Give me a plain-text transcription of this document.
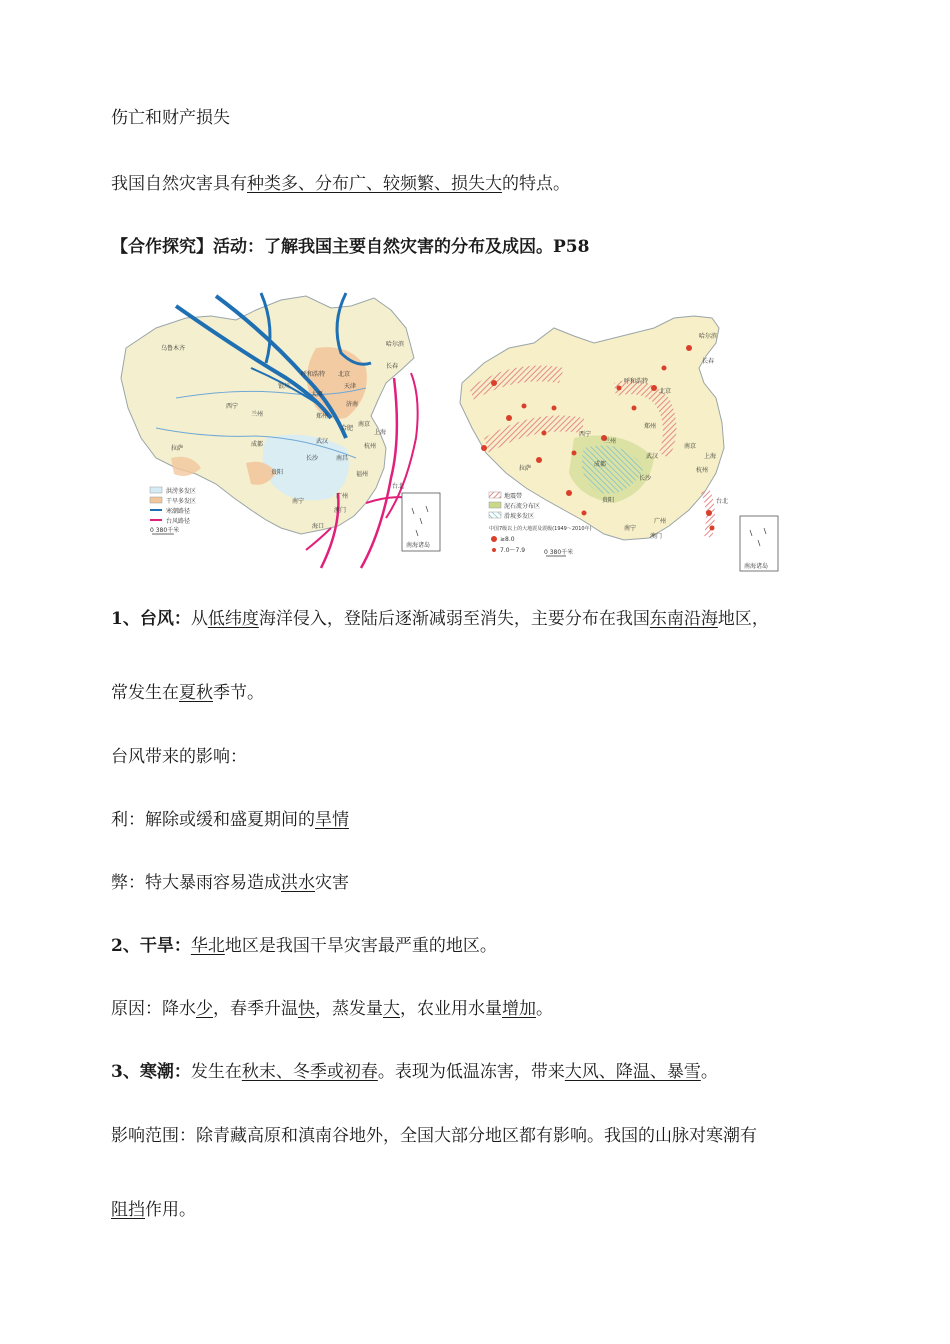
伤亡和财产损失
我国自然灾害具有种类多、分布广、较频繁、损失大的特点。
【合作探究】活动：了解我国主要自然灾害的分布及成因。P58
1、台风：从低纬度海洋侵入，登陆后逐渐减弱至消失，主要分布在我国东南沿海地区，
常发生在夏秋季节。
台风带来的影响：
利：解除或缓和盛夏期间的旱情
弊：特大暴雨容易造成洪水灾害
2、干旱：华北地区是我国干旱灾害最严重的地区。
原因：降水少，春季升温快，蒸发量大，农业用水量增加。
3、寒潮：发生在秋末、冬季或初春。表现为低温冻害，带来大风、降温、暴雪。
影响范围：除青藏高原和滇南谷地外，全国大部分地区都有影响。我国的山脉对寒潮有
阻挡作用。
乌鲁木齐
哈尔滨
长春
呼和浩特 北京
天津
银川
太原
济南
西宁
兰州	郑州
拉萨
成都	武汉
合肥
南京
上海
杭州
长沙	南昌
贵阳	福州
台北
广州
澳门
南宁
海口
南海诸岛
洪涝多发区
干旱多发区
寒潮路径
台风路径
0 380千米
哈尔滨
长春
呼和浩特
北京
西宁
兰州
郑州
拉萨
成都
武汉
南京
上海
杭州
长沙
贵阳	台北
广州
南宁
澳门
南海诸岛
地震带
泥石流分布区
滑坡多发区
中国7级以上的大地震及震级(1949～2010年)
≥8.0
7.0～7.9	0 380千米
